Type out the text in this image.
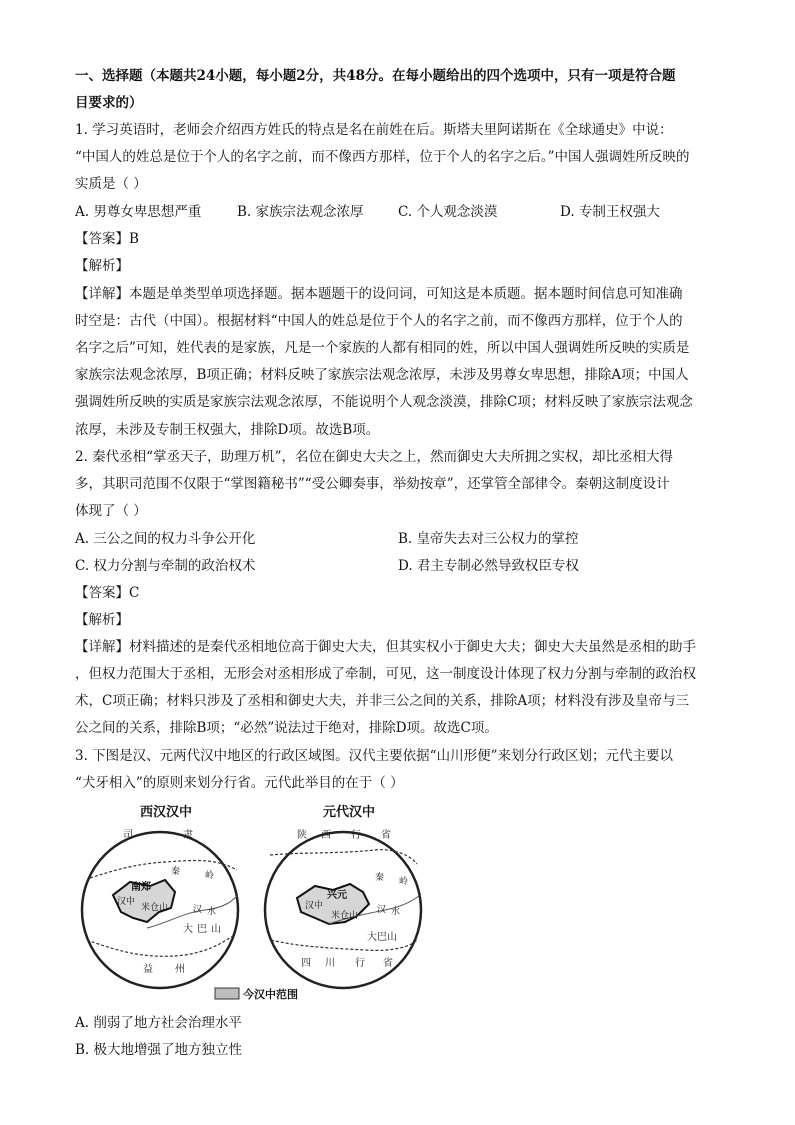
一、选择题（本题共24小题，每小题2分，共48分。在每小题给出的四个选项中，只有一项是符合题
目要求的）
1. 学习英语时，老师会介绍西方姓氏的特点是名在前姓在后。斯塔夫里阿诺斯在《全球通史》中说：
“中国人的姓总是位于个人的名字之前，而不像西方那样，位于个人的名字之后。”中国人强调姓所反映的
实质是（ ）
A. 男尊女卑思想严重	B. 家族宗法观念浓厚	C. 个人观念淡漠	D. 专制王权强大
【答案】B
【解析】
【详解】本题是单类型单项选择题。据本题题干的设问词，可知这是本质题。据本题时间信息可知准确
时空是：古代（中国）。根据材料“中国人的姓总是位于个人的名字之前，而不像西方那样，位于个人的
名字之后”可知，姓代表的是家族，凡是一个家族的人都有相同的姓，所以中国人强调姓所反映的实质是
家族宗法观念浓厚，B项正确；材料反映了家族宗法观念浓厚，未涉及男尊女卑思想，排除A项；中国人
强调姓所反映的实质是家族宗法观念浓厚，不能说明个人观念淡漠，排除C项；材料反映了家族宗法观念
浓厚，未涉及专制王权强大，排除D项。故选B项。
2. 秦代丞相“掌丞天子，助理万机”，名位在御史大夫之上，然而御史大夫所拥之实权，却比丞相大得
多，其职司范围不仅限于“掌图籍秘书”“受公卿奏事，举劾按章”，还掌管全部律令。秦朝这制度设计
体现了（ ）
A. 三公之间的权力斗争公开化	B. 皇帝失去对三公权力的掌控
C. 权力分割与牵制的政治权术	D. 君主专制必然导致权臣专权
【答案】C
【解析】
【详解】材料描述的是秦代丞相地位高于御史大夫，但其实权小于御史大夫；御史大夫虽然是丞相的助手
，但权力范围大于丞相，无形会对丞相形成了牵制，可见，这一制度设计体现了权力分割与牵制的政治权
术，C项正确；材料只涉及了丞相和御史大夫，并非三公之间的关系，排除A项；材料没有涉及皇帝与三
公之间的关系，排除B项；“必然”说法过于绝对，排除D项。故选C项。
3. 下图是汉、元两代汉中地区的行政区域图。汉代主要依据“山川形便”来划分行政区划；元代主要以
“犬牙相入”的原则来划分行省。元代此举目的在于（ ）
西汉汉中	元代汉中
司	隶
南郑
汉中
米仓山	汉 水
大 巴 山
益 州
秦	岭
陕 西 行 省
兴元
汉中
米仓山
大巴山
汉 水
四 川 行 省
秦 岭
今汉中范围
A. 削弱了地方社会治理水平
B. 极大地增强了地方独立性
